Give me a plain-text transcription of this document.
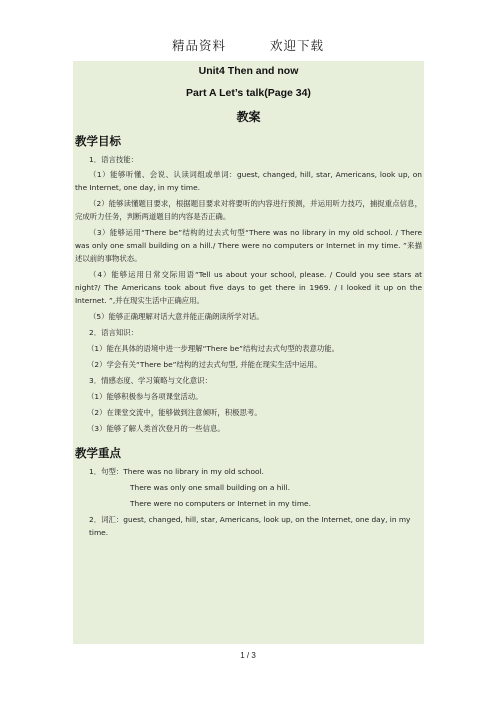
精品资料	欢迎下载
Unit4 Then and now
Part A Let’s talk(Page 34)
教案
教学目标
1．语言技能：
（1）能够听懂、会说、认读词组或单词：guest, changed, hill, star, Americans, look up, on the Internet, one day, in my time.
（2）能够读懂题目要求，根据题目要求对将要听的内容进行预测，并运用听力技巧，捕捉重点信息，完成听力任务，判断两道题目的内容是否正确。
（3）能够运用“There be”结构的过去式句型“There was no library in my old school. / There was only one small building on a hill./ There were no computers or Internet in my time. ”来描述以前的事物状态。
（4）能够运用日常交际用语“Tell us about your school, please. / Could you see stars at night?/ The Americans took about five days to get there in 1969. / I looked it up on the Internet. ”,并在现实生活中正确应用。
（5）能够正确理解对话大意并能正确朗读所学对话。
2．语言知识：
（1）能在具体的语境中进一步理解“There be”结构过去式句型的表意功能。
（2）学会有关“There be”结构的过去式句型, 并能在现实生活中运用。
3．情感态度、学习策略与文化意识：
（1）能够积极参与各项课堂活动。
（2）在课堂交流中，能够做到注意倾听，积极思考。
（3）能够了解人类首次登月的一些信息。
教学重点
1．句型：There was no library in my old school.
There was only one small building on a hill.
There were no computers or Internet in my time.
2．词汇：guest, changed, hill, star, Americans, look up, on the Internet, one day, in my time.
1 / 3
